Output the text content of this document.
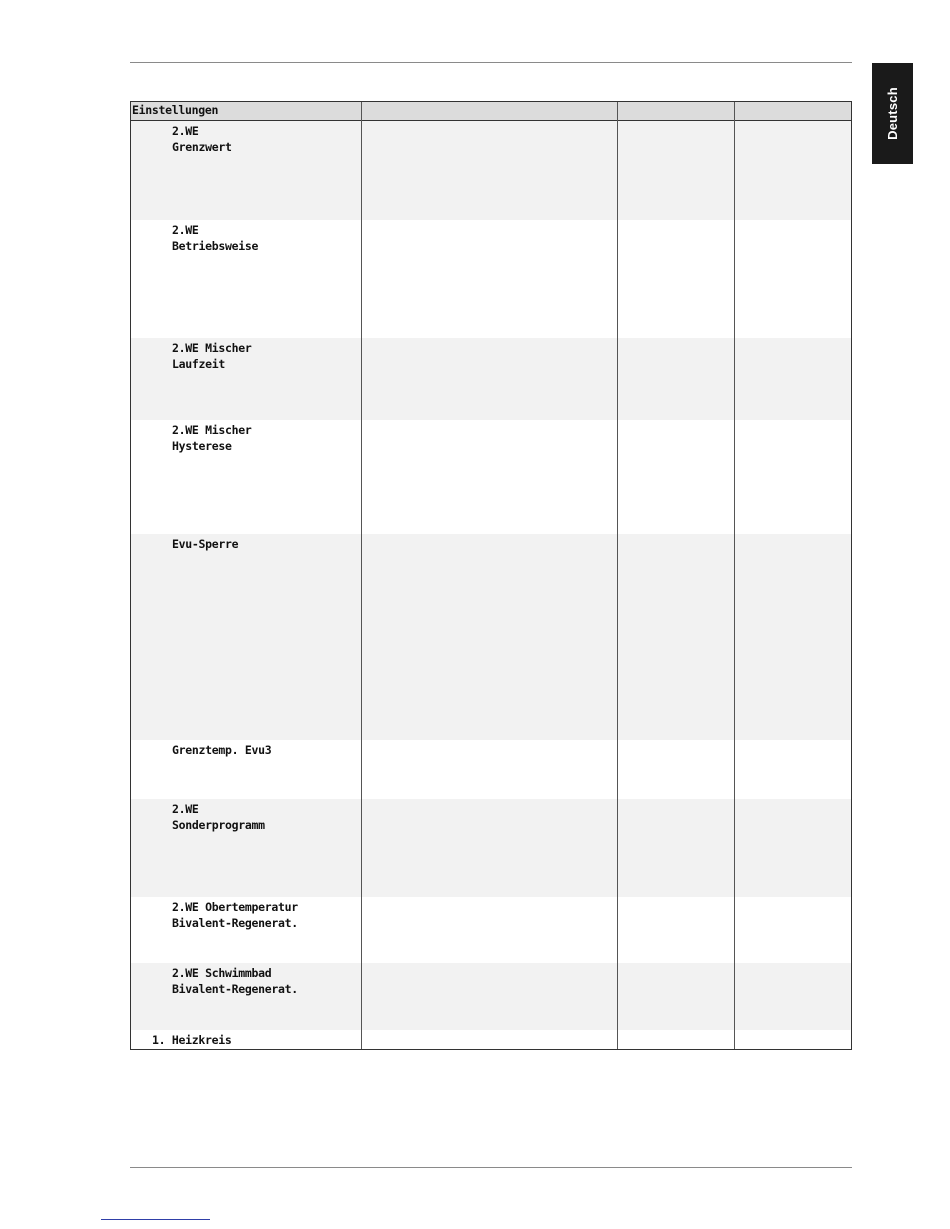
Deutsch
Einstellungen
2.WE
Grenzwert
2.WE
Betriebsweise
2.WE Mischer
Laufzeit
2.WE Mischer
Hysterese
Evu-Sperre
Grenztemp. Evu3
2.WE
Sonderprogramm
2.WE Obertemperatur
Bivalent-Regenerat.
2.WE Schwimmbad
Bivalent-Regenerat.
1. Heizkreis
